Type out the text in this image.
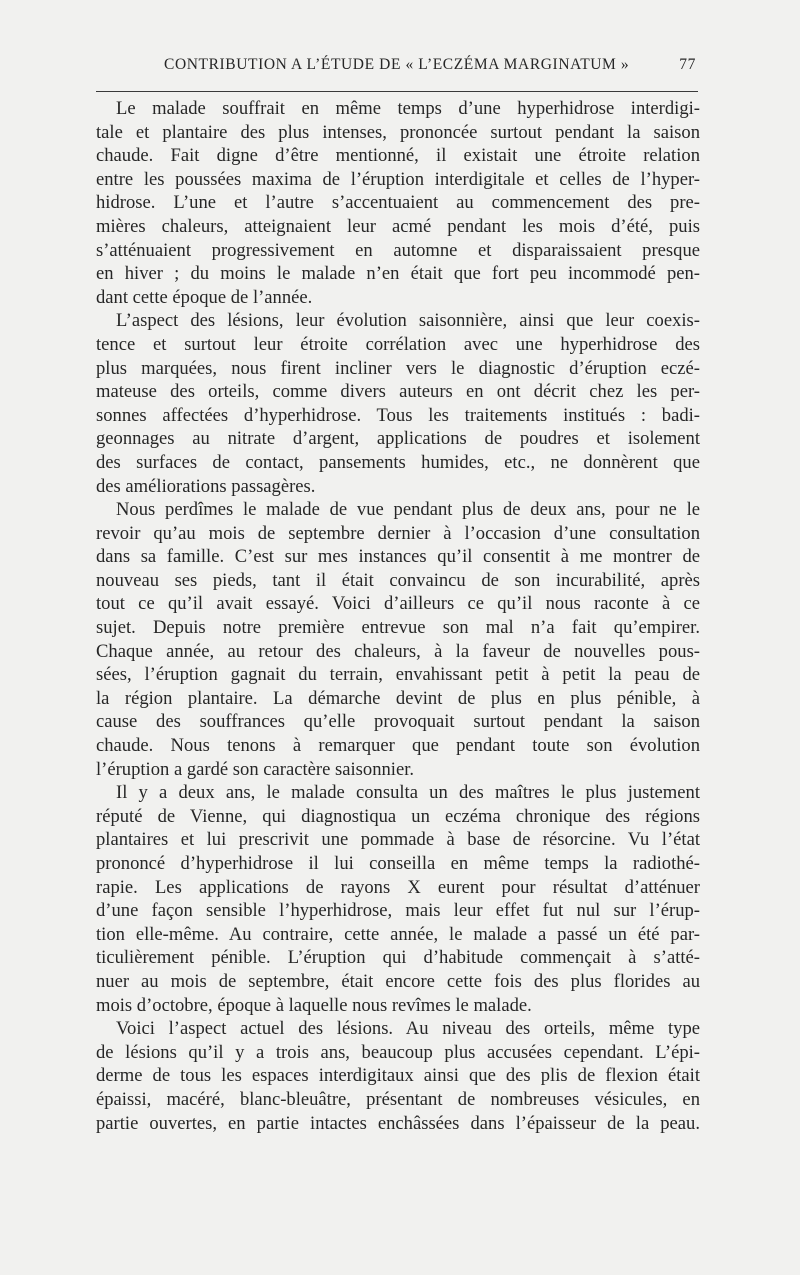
CONTRIBUTION A L’ÉTUDE DE « L’ECZÉMA MARGINATUM »	77
Le malade souffrait en même temps d’une hyperhidrose interdigi-
tale et plantaire des plus intenses, prononcée surtout pendant la saison
chaude. Fait digne d’être mentionné, il existait une étroite relation
entre les poussées maxima de l’éruption interdigitale et celles de l’hyper-
hidrose. L’une et l’autre s’accentuaient au commencement des pre-
mières chaleurs, atteignaient leur acmé pendant les mois d’été, puis
s’atténuaient progressivement en automne et disparaissaient presque
en hiver ; du moins le malade n’en était que fort peu incommodé pen-
dant cette époque de l’année.
L’aspect des lésions, leur évolution saisonnière, ainsi que leur coexis-
tence et surtout leur étroite corrélation avec une hyperhidrose des
plus marquées, nous firent incliner vers le diagnostic d’éruption eczé-
mateuse des orteils, comme divers auteurs en ont décrit chez les per-
sonnes affectées d’hyperhidrose. Tous les traitements institués : badi-
geonnages au nitrate d’argent, applications de poudres et isolement
des surfaces de contact, pansements humides, etc., ne donnèrent que
des améliorations passagères.
Nous perdîmes le malade de vue pendant plus de deux ans, pour ne le
revoir qu’au mois de septembre dernier à l’occasion d’une consultation
dans sa famille. C’est sur mes instances qu’il consentit à me montrer de
nouveau ses pieds, tant il était convaincu de son incurabilité, après
tout ce qu’il avait essayé. Voici d’ailleurs ce qu’il nous raconte à ce
sujet. Depuis notre première entrevue son mal n’a fait qu’empirer.
Chaque année, au retour des chaleurs, à la faveur de nouvelles pous-
sées, l’éruption gagnait du terrain, envahissant petit à petit la peau de
la région plantaire. La démarche devint de plus en plus pénible, à
cause des souffrances qu’elle provoquait surtout pendant la saison
chaude. Nous tenons à remarquer que pendant toute son évolution
l’éruption a gardé son caractère saisonnier.
Il y a deux ans, le malade consulta un des maîtres le plus justement
réputé de Vienne, qui diagnostiqua un eczéma chronique des régions
plantaires et lui prescrivit une pommade à base de résorcine. Vu l’état
prononcé d’hyperhidrose il lui conseilla en même temps la radiothé-
rapie. Les applications de rayons X eurent pour résultat d’atténuer
d’une façon sensible l’hyperhidrose, mais leur effet fut nul sur l’érup-
tion elle-même. Au contraire, cette année, le malade a passé un été par-
ticulièrement pénible. L’éruption qui d’habitude commençait à s’atté-
nuer au mois de septembre, était encore cette fois des plus florides au
mois d’octobre, époque à laquelle nous revîmes le malade.
Voici l’aspect actuel des lésions. Au niveau des orteils, même type
de lésions qu’il y a trois ans, beaucoup plus accusées cependant. L’épi-
derme de tous les espaces interdigitaux ainsi que des plis de flexion était
épaissi, macéré, blanc-bleuâtre, présentant de nombreuses vésicules, en
partie ouvertes, en partie intactes enchâssées dans l’épaisseur de la peau.
